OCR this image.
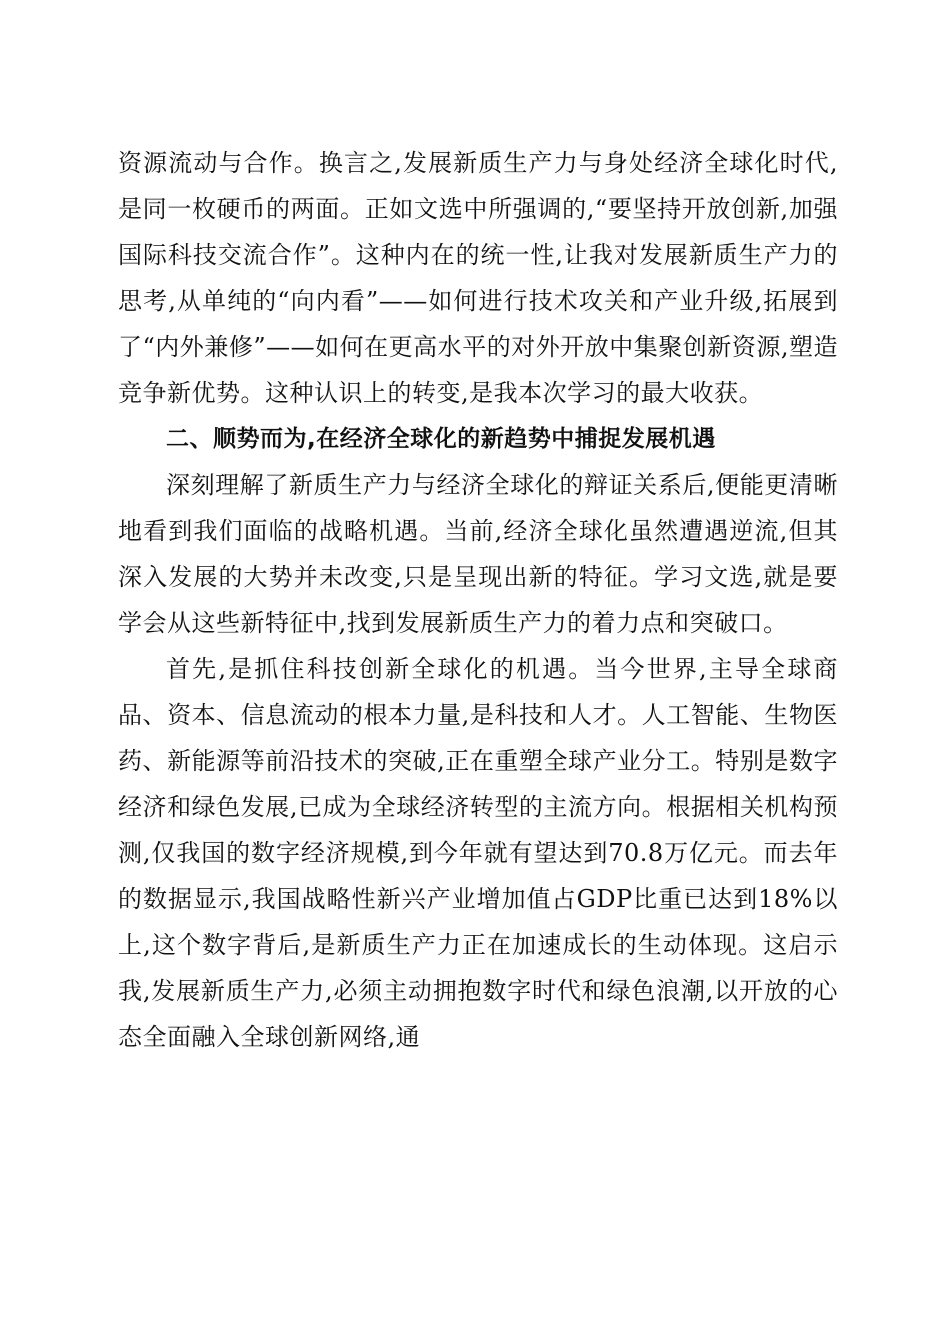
资源流动与合作。换言之,发展新质生产力与身处经济全球化时代,是同一枚硬币的两面。正如文选中所强调的,“要坚持开放创新,加强国际科技交流合作”。这种内在的统一性,让我对发展新质生产力的思考,从单纯的“向内看”——如何进行技术攻关和产业升级,拓展到了“内外兼修”——如何在更高水平的对外开放中集聚创新资源,塑造竞争新优势。这种认识上的转变,是我本次学习的最大收获。

二、顺势而为,在经济全球化的新趋势中捕捉发展机遇

深刻理解了新质生产力与经济全球化的辩证关系后,便能更清晰地看到我们面临的战略机遇。当前,经济全球化虽然遭遇逆流,但其深入发展的大势并未改变,只是呈现出新的特征。学习文选,就是要学会从这些新特征中,找到发展新质生产力的着力点和突破口。

首先,是抓住科技创新全球化的机遇。当今世界,主导全球商品、资本、信息流动的根本力量,是科技和人才。人工智能、生物医药、新能源等前沿技术的突破,正在重塑全球产业分工。特别是数字经济和绿色发展,已成为全球经济转型的主流方向。根据相关机构预测,仅我国的数字经济规模,到今年就有望达到70.8万亿元。而去年的数据显示,我国战略性新兴产业增加值占GDP比重已达到18%以上,这个数字背后,是新质生产力正在加速成长的生动体现。这启示我,发展新质生产力,必须主动拥抱数字时代和绿色浪潮,以开放的心态全面融入全球创新网络,通
